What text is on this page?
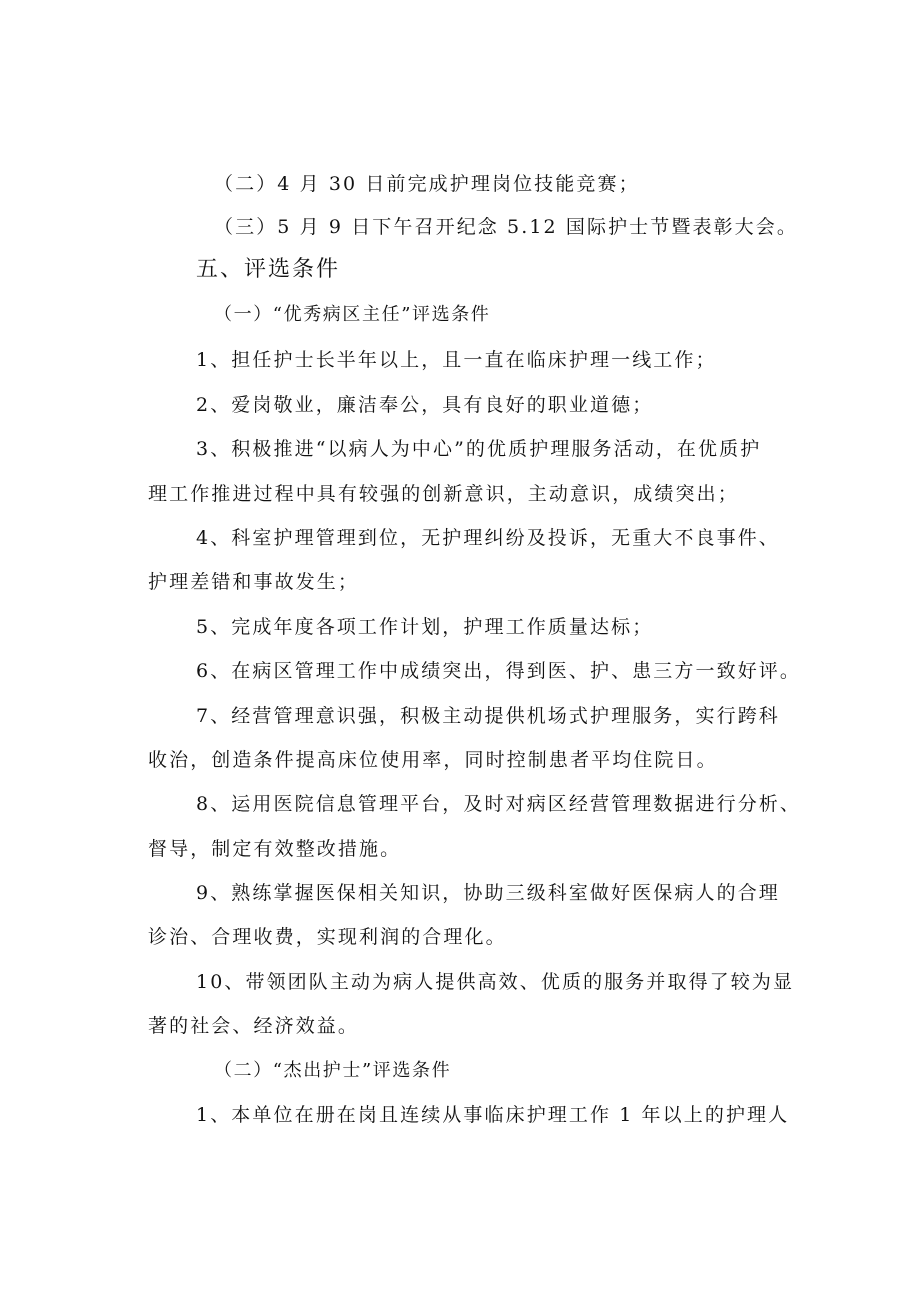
（二）4 月 30 日前完成护理岗位技能竞赛；
（三）5 月 9 日下午召开纪念 5.12 国际护士节暨表彰大会。
五、评选条件
（一）“优秀病区主任”评选条件
1、担任护士长半年以上，且一直在临床护理一线工作；
2、爱岗敬业，廉洁奉公，具有良好的职业道德；
3、积极推进“以病人为中心”的优质护理服务活动，在优质护
理工作推进过程中具有较强的创新意识，主动意识，成绩突出；
4、科室护理管理到位，无护理纠纷及投诉，无重大不良事件、
护理差错和事故发生；
5、完成年度各项工作计划，护理工作质量达标；
6、在病区管理工作中成绩突出，得到医、护、患三方一致好评。
7、经营管理意识强，积极主动提供机场式护理服务，实行跨科
收治，创造条件提高床位使用率，同时控制患者平均住院日。
8、运用医院信息管理平台，及时对病区经营管理数据进行分析、
督导，制定有效整改措施。
9、熟练掌握医保相关知识，协助三级科室做好医保病人的合理
诊治、合理收费，实现利润的合理化。
10、带领团队主动为病人提供高效、优质的服务并取得了较为显
著的社会、经济效益。
（二）“杰出护士”评选条件
1、本单位在册在岗且连续从事临床护理工作 1 年以上的护理人
